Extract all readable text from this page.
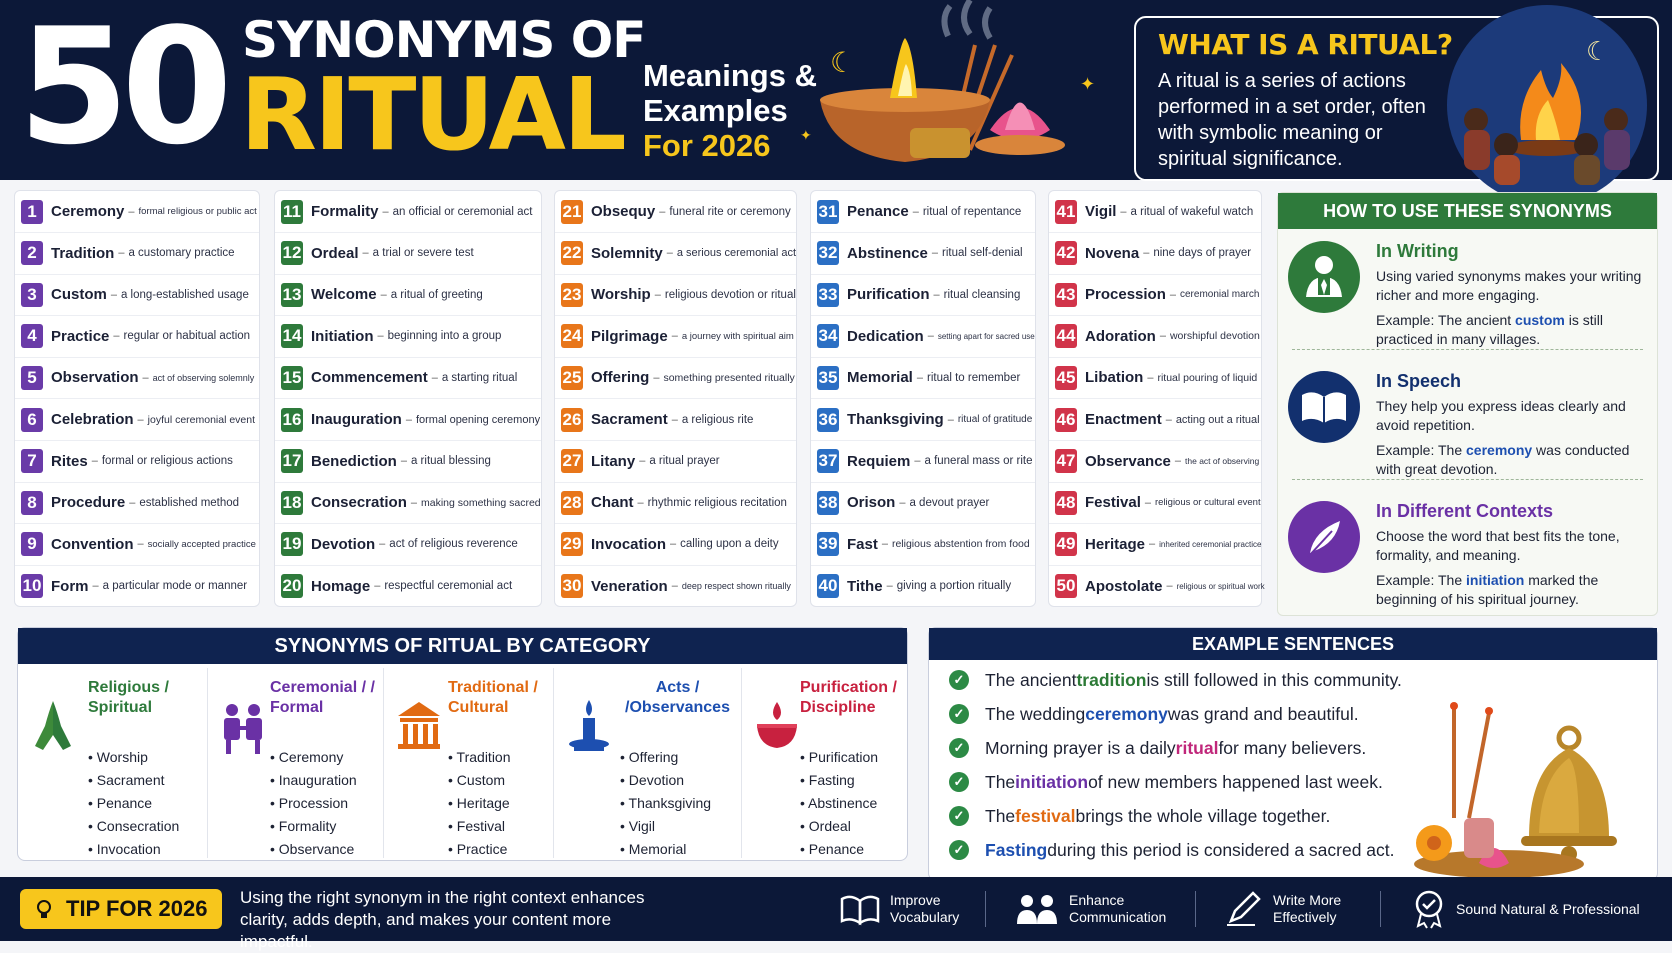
50 SYNONYMS OF
RITUAL Meanings &
Examples
For 2026
☾
✦
✦
WHAT IS A RITUAL?
A ritual is a series of actions performed in a set order, often with symbolic meaning or spiritual significance.
☾
1 Ceremony – formal religious or public act
2 Tradition – a customary practice
3 Custom – a long-established usage
4 Practice – regular or habitual action
5 Observation – act of observing solemnly
6 Celebration – joyful ceremonial event
7 Rites – formal or religious actions
8 Procedure – established method
9 Convention – socially accepted practice
10 Form – a particular mode or manner
11 Formality – an official or ceremonial act
12 Ordeal – a trial or severe test
13 Welcome – a ritual of greeting
14 Initiation – beginning into a group
15 Commencement – a starting ritual
16 Inauguration – formal opening ceremony
17 Benediction – a ritual blessing
18 Consecration – making something sacred
19 Devotion – act of religious reverence
20 Homage – respectful ceremonial act
21 Obsequy – funeral rite or ceremony
22 Solemnity – a serious ceremonial act
23 Worship – religious devotion or ritual
24 Pilgrimage – a journey with spiritual aim
25 Offering – something presented ritually
26 Sacrament – a religious rite
27 Litany – a ritual prayer
28 Chant – rhythmic religious recitation
29 Invocation – calling upon a deity
30 Veneration – deep respect shown ritually
31 Penance – ritual of repentance
32 Abstinence – ritual self-denial
33 Purification – ritual cleansing
34 Dedication – setting apart for sacred use
35 Memorial – ritual to remember
36 Thanksgiving – ritual of gratitude
37 Requiem – a funeral mass or rite
38 Orison – a devout prayer
39 Fast – religious abstention from food
40 Tithe – giving a portion ritually
41 Vigil – a ritual of wakeful watch
42 Novena – nine days of prayer
43 Procession – ceremonial march
44 Adoration – worshipful devotion
45 Libation – ritual pouring of liquid
46 Enactment – acting out a ritual
47 Observance – the act of observing
48 Festival – religious or cultural event
49 Heritage – inherited ceremonial practice
50 Apostolate – religious or spiritual work
HOW TO USE THESE SYNONYMS
In Writing
Using varied synonyms makes your writing richer and more engaging.
Example: The ancient custom is still practiced in many villages.
In Speech
They help you express ideas clearly and avoid repetition.
Example: The ceremony was conducted with great devotion.
In Different Contexts
Choose the word that best fits the tone, formality, and meaning.
Example: The initiation marked the beginning of his spiritual journey.
SYNONYMS OF RITUAL BY CATEGORY
Religious / Spiritual
• Worship
• Sacrament
• Penance
• Consecration
• Invocation
Ceremonial / / Formal
• Ceremony
• Inauguration
• Procession
• Formality
• Observance
Traditional / Cultural
• Tradition
• Custom
• Heritage
• Festival
• Practice
Acts / /Observances
• Offering
• Devotion
• Thanksgiving
• Vigil
• Memorial
Purification / Discipline
• Purification
• Fasting
• Abstinence
• Ordeal
• Penance
EXAMPLE SENTENCES
✓ The ancient tradition is still followed in this community.
✓ The wedding ceremony was grand and beautiful.
✓ Morning prayer is a daily ritual for many believers.
✓ The initiation of new members happened last week.
✓ The festival brings the whole village together.
✓ Fasting during this period is considered a sacred act.
TIP FOR 2026	Using the right synonym in the right context enhances clarity, adds depth, and makes your content more impactful.
Improve Vocabulary
Enhance Communication
Write More Effectively
Sound Natural & Professional
